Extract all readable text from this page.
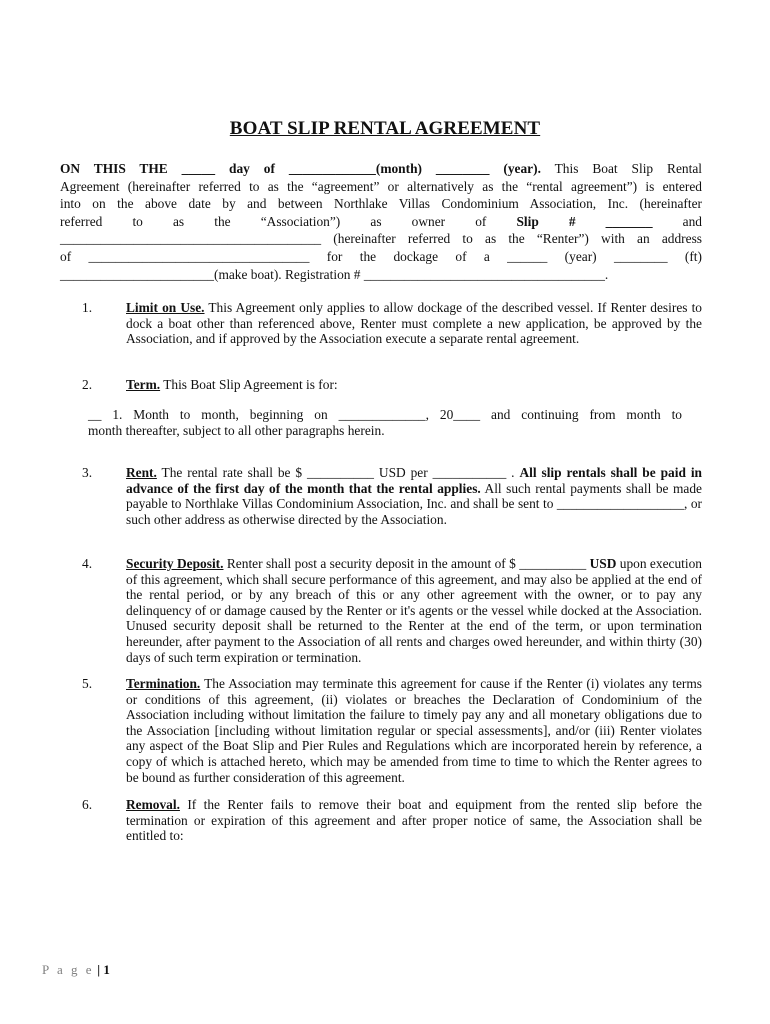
BOAT SLIP RENTAL AGREEMENT
ON THIS THE _____ day of _____________(month) ________ (year). This Boat Slip Rental
Agreement (hereinafter referred to as the “agreement” or alternatively as the “rental agreement”) is entered
into on the above date by and between Northlake Villas Condominium Association, Inc. (hereinafter
referred to as the “Association”) as owner of Slip # _______ and
_______________________________________ (hereinafter referred to as the “Renter”) with an address
of _________________________________ for the dockage of a ______ (year) ________ (ft)
_______________________(make boat). Registration # ____________________________________.
1.	Limit on Use. This Agreement only applies to allow dockage of the described vessel. If Renter desires to dock a boat other than referenced above, Renter must complete a new application, be approved by the Association, and if approved by the Association execute a separate rental agreement.
2.	Term. This Boat Slip Agreement is for:
__ 1. Month to month, beginning on _____________, 20____ and continuing from month to
month thereafter, subject to all other paragraphs herein.
3.	Rent. The rental rate shall be $ __________ USD per ___________ . All slip rentals shall be paid in advance of the first day of the month that the rental applies. All such rental payments shall be made payable to Northlake Villas Condominium Association, Inc. and shall be sent to ___________________, or such other address as otherwise directed by the Association.
4.	Security Deposit. Renter shall post a security deposit in the amount of $ __________ USD upon execution of this agreement, which shall secure performance of this agreement, and may also be applied at the end of the rental period, or by any breach of this or any other agreement with the owner, or to pay any delinquency of or damage caused by the Renter or it's agents or the vessel while docked at the Association. Unused security deposit shall be returned to the Renter at the end of the term, or upon termination hereunder, after payment to the Association of all rents and charges owed hereunder, and within thirty (30) days of such term expiration or termination.
5.	Termination. The Association may terminate this agreement for cause if the Renter (i) violates any terms or conditions of this agreement, (ii) violates or breaches the Declaration of Condominium of the Association including without limitation the failure to timely pay any and all monetary obligations due to the Association [including without limitation regular or special assessments], and/or (iii) Renter violates any aspect of the Boat Slip and Pier Rules and Regulations which are incorporated herein by reference, a copy of which is attached hereto, which may be amended from time to time to which the Renter agrees to be bound as further consideration of this agreement.
6.	Removal. If the Renter fails to remove their boat and equipment from the rented slip before the termination or expiration of this agreement and after proper notice of same, the Association shall be entitled to:
P a g e | 1
